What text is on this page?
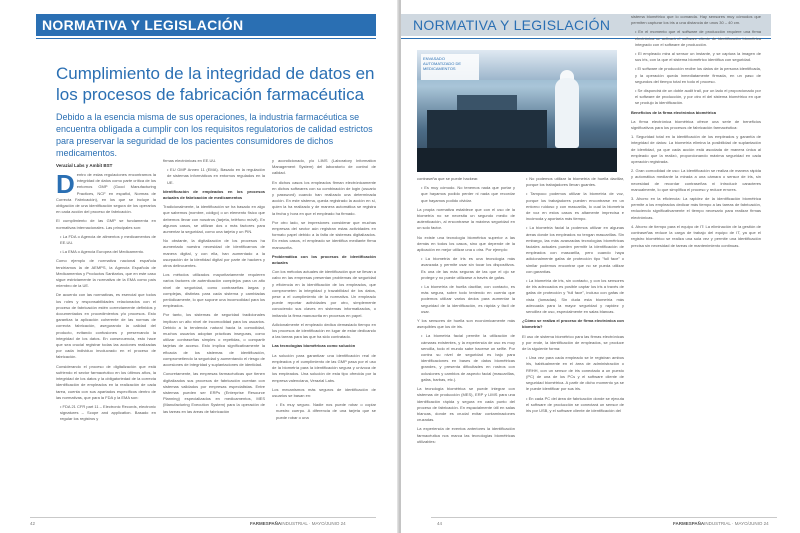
NORMATIVA Y LEGISLACIÓN
Cumplimiento de la integridad de datos en los procesos de fabricación farmacéutica
Debido a la esencia misma de sus operaciones, la industria farmacéutica se encuentra obligada a cumplir con los requisitos regulatorios de calidad estrictos para preservar la seguridad de los pacientes consumidores de dichos medicamentos.
Verazial Labs y Ambit BST

Dentro de estas regulaciones encontramos la integridad de datos como parte crítica de los entornos GMP (Good Manufacturing Practices, NCF en español, Normas de Correcta Fabricación), en los que se incluye la obligación de una identificación segura de los operarios en cada acción del proceso de fabricación.

El cumplimiento de las GMP se fundamenta en normativas internacionales. Las principales son:

• La FDA o Agencia de alimentos y medicamentos de EE.UU.

• La EMA o Agencia Europea del Medicamento.

Como ejemplo de normativa nacional española tendríamos la de AEMPS, la Agencia Española de Medicamentos y Productos Sanitarios, que en este caso sigue estrictamente la normativa de la EMA como país miembro de la UE.

De acuerdo con las normativas, es esencial que todos los roles y responsabilidades relacionados con el proceso de fabricación estén correctamente definidos y documentados en procedimientos y/o procesos. Esto garantiza la aplicación coherente de las normas de correcta fabricación, asegurando la calidad del producto, evitando confusiones y preservando la integridad de los datos. En consecuencia, esto hace que sea crucial registrar todas las acciones realizadas por cada individuo involucrado en el proceso de fabricación.

Considerando el proceso de digitalización que está sufriendo el sector farmacéutico en los últimos años, la integridad de los datos y la obligatoriedad de la correcta identificación de empleados en la realización de cada tarea, cuenta con sus apartados específicos dentro de las normativas, que para la FDA y la EMA son:

• FDA 21 CFR part 11 – Electronic Records, electronic signatures – Scope and application. Basado en regular los registros y

firmas electrónicas en EE.UU.

• EU GMP Annex 11 (EMA). Basado en la regulación de sistemas informáticos en entornos regulados en la UE.

Identificación de empleados en los procesos actuales de fabricación de medicamentos

Tradicionalmente, la identificación se ha basado en algo que sabemos (nombre, código) o un elemento físico que debemos llevar con nosotros (tarjeta, teléfono móvil). En algunos casos, se utilizan dos o más factores para aumentar la seguridad, como una tarjeta y un PIN.

No obstante, la digitalización de los procesos ha aumentado nuestra necesidad de identificarnos de manera digital, y con ella, han aumentado a la usurpación de la identidad digital por parte de hackers y otros delincuentes.

Los métodos utilizados mayoritariamente requieren varios factores de autenticación complejos para un alto nivel de seguridad, como contraseñas largas y complejas, distintas para cada sistema y cambiadas periódicamente, lo que supone una incomodidad para los empleados.

Por tanto, los sistemas de seguridad tradicionales implican un alto nivel de incomodidad para los usuarios. Debido a la tendencia natural hacia la comodidad, muchos usuarios adoptan prácticas inseguras, como utilizar contraseñas simples o repetidas, o compartir tarjetas de acceso. Esto implica significativamente la eficacia de los sistemas de identificación, comprometiendo la seguridad y aumentando el riesgo de accesiones de integridad y suplantaciones de identidad.

Concretamente, las empresas farmacéuticas que tienen digitalizados sus procesos de fabricación cuentan con sistemas validados por empresas especialistas. Entre sistemas pueden ser ERPs (Enterprise Resource Planning) especializados en medicamentos, MES (Manufacturing Execution System) para la operación de las tareas en las áreas de fabricación

y acondicionado, y/o LIMS (Laboratory Information Management System) del laboratorio de control de calidad.

En dichos casos los empleados firman electrónicamente en dichos softwares con su combinación de login (usuario y password) cuando han realizado una determinada acción. En este sistema, queda registrado la acción en sí, quien la ha realizado y de manera automática se registra la fecha y hora en que el empleado ha firmado.

Por otro lado, se impresiones considerar que muchas empresas del sector aún registran estas actividades en formato papel debido a la falta de sistemas digitalizados. En estos casos, el empleado se identifica mediante firma manuscrita.

Problemática con los procesos de identificación actuales

Con los métodos actuales de identificación que se llevan a cabo en las empresas presentan problemas de seguridad y eficiencia en la identificación de los empleados, que comprometen la integridad y trazabilidad de los datos, pese a el cumplimiento de la normativa. Un empleado puede reportar actividades por otro, simplemente conociendo sus claves en sistemas informatizados, o imitando la firma manuscrita en procesos en papel.

Adicionalmente el empleado dedica demasiado tiempo en los procesos de identificación en lugar de estar dedicando a las tareas para las que ha sido contratado.

Las tecnologías biométricas como solución

La solución para garantizar una identificación real de empleados y el cumplimiento de las GMP pasa por el uso de la biometría para la identificación segura y unívoca de los empleados. Una solución de esta tipo ofrecida por la empresa valenciana, Verazial Labs.

Los mecanismos más seguros de identificación de usuarios se basan en:

• Es muy seguro. Nadie nos puede robar o copiar nuestro cuerpo. A diferencia de una tarjeta que se puede robar o una

42	FARMESPAÑAINDUSTRIAL · MAYO/JUNIO 24
NORMATIVA Y LEGISLACIÓN
ENVASADO AUTOMATIZADO DE MEDICAMENTOS

contraseña que se puede hackear.

• Es muy cómodo. No tenemos nada que portar y que hayamos podido perder ni nada que recordar que hayamos podido olvidar.

La propia normativa establece que con el uso de la biometría no se necesita un segundo medio de autenticación, al encontrarse la máxima seguridad en un solo factor.

No existe una tecnología biométrica superior a las demás en todos los casos, sino que depende de la aplicación en mejor utilizar una u otra. Por ejemplo:

• La biometría de iris es una tecnología más avanzada y permite usar sin tocar los dispositivos. Es una de las más seguras de las que el ojo se protege y no puede utilizarse a través de gafas.

• La biometría de huella dactilar, con contacto, es más segura, sobre todo teniendo en cuenta que podemos utilizar varios dedos para aumentar la seguridad de la identificación, es rápida y fácil de usar.

Y los sensores de huella son económicamente más asequibles que los de iris.

• La biometría facial permite la utilización de cámaras existentes, y la experiencia de uso es muy sencilla, todo el mundo sabe hacerse un selfie. Por contra su nivel de seguridad es bajo para identificaciones en bases de datos biométricas grandes, y presenta dificultades en rostros con oclusiones y cambios de aspecto facial (mascarillas, gafas, barbas, etc.).

La tecnología biométrica se puede integrar con sistemas de producción (MES), ERP y LIMS para una identificación rápida y segura en cada punto del proceso de fabricación. En espacialmente útil en salas blancas, donde es crucial evitar contaminaciones cruzadas.

La experiencia de eventos anteriores la identificación farmacéutica nos marca las tecnologías biométricas utilizables:

• No podemos utilizar la biometría de huella dactilar, porque los trabajadores llevan guantes.

• Tampoco podemos utilizar la biometría de voz, porque los trabajadores pueden encontrarse en un entorno ruidoso y con mascarilla, lo cual la biometría de voz en estos casos es altamente imprecisa e incómoda y aportaría más tiempo.

• La biometría facial la podemos utilizar en algunas áreas donde los empleados no tengan mascarillas. Sin embargo, las más avanzadas tecnologías biométricas faciales actuales pueden permitir la identificación de empleados con mascarilla, pero cuando haya adicionalmente gafas de protección tipo "full face" o similar podemos encontrar que no se pueda utilizar con garantías.

• La biometría de iris, sin contacto, y con los sensores de iris adecuados es posible captar los iris a través de gafas de protección y "full face", incluso con gafas de vista (tomadas). Sin duda esta biometría más adecuada para la mayor seguridad y rapidez y sencillez de uso, especialmente en salas blancas.

¿Cómo se realiza el proceso de firma electrónica con biometría?

El uso de sistema biométrico para las firmas electrónicas y por ende, la identificación de empleados, se produce de la siguiente forma:

• Una vez para cada empleado se le registran ambos iris, habitualmente en el área de administración o RRHH, con un sensor de iris conectado a un puesto (PC) de una de los PCs y el software cliente de seguridad biométrica. A partir de dicho momento ya se le puede identificar por sus iris.

• En cada PC del área de fabricación donde se ejecuta el software de producción se conectará un sensor de iris por USB, y el software cliente de identificación del

sistema biométrico que lo comanda. Hay sensores muy cómodos que permiten capturar los iris a una distancia de unos 30 – 40 cm.

• En el momento que el software de producción requiere una firma electrónica se activará el software cliente de identificación biométrica integrado con el software de producción.

• El empleado mira al sensor un instante, y se captura la imagen de sus iris, con la que el sistema biométrico identifica con seguridad.

• El software de producción recibe los datos de la persona identificada, y la operación queda inmediatamente firmada, en un paso de segundos del tiempo total en todo el proceso.

• Se dispondrá de un doble audit trail, por un lado el proporcionado por el software de producción, y por otro el del sistema biométrico en que se produjo la identificación.

Beneficios de la firma electrónica biométrica

La firma electrónica biométrica ofrece una serie de beneficios significativos para los procesos de fabricación farmacéutica:

1. Seguridad total en la identificación de los empleados y garantía de integridad de datos: La biometría elimina la posibilidad de suplantación de identidad, ya que cada acción está asociada de manera única al empleado que la realizó, proporcionando máxima seguridad en cada operación registrada.

2. Gran comodidad de uso: La identificación se realiza de manera rápida y automática mediante la mirada a una cámara o sensor de iris, sin necesidad de recordar contraseñas ni introducir caracteres manualmente, lo que simplifica el proceso y reduce errores.

3. Ahorro en la eficiencia: La rapidez de la identificación biométrica permite a los empleados dedicar más tiempo a las tareas de fabricación, reduciendo significativamente el tiempo necesario para realizar firmas electrónicas.

4. Ahorro de tiempo para el equipo de IT: La eliminación de la gestión de contraseñas reduce la carga de trabajo del equipo de IT, ya que el registro biométrico se realiza una sola vez y permite una identificación precisa sin necesidad de tareas de mantenimiento continuas.

44	FARMESPAÑAINDUSTRIAL · MAYO/JUNIO 24
